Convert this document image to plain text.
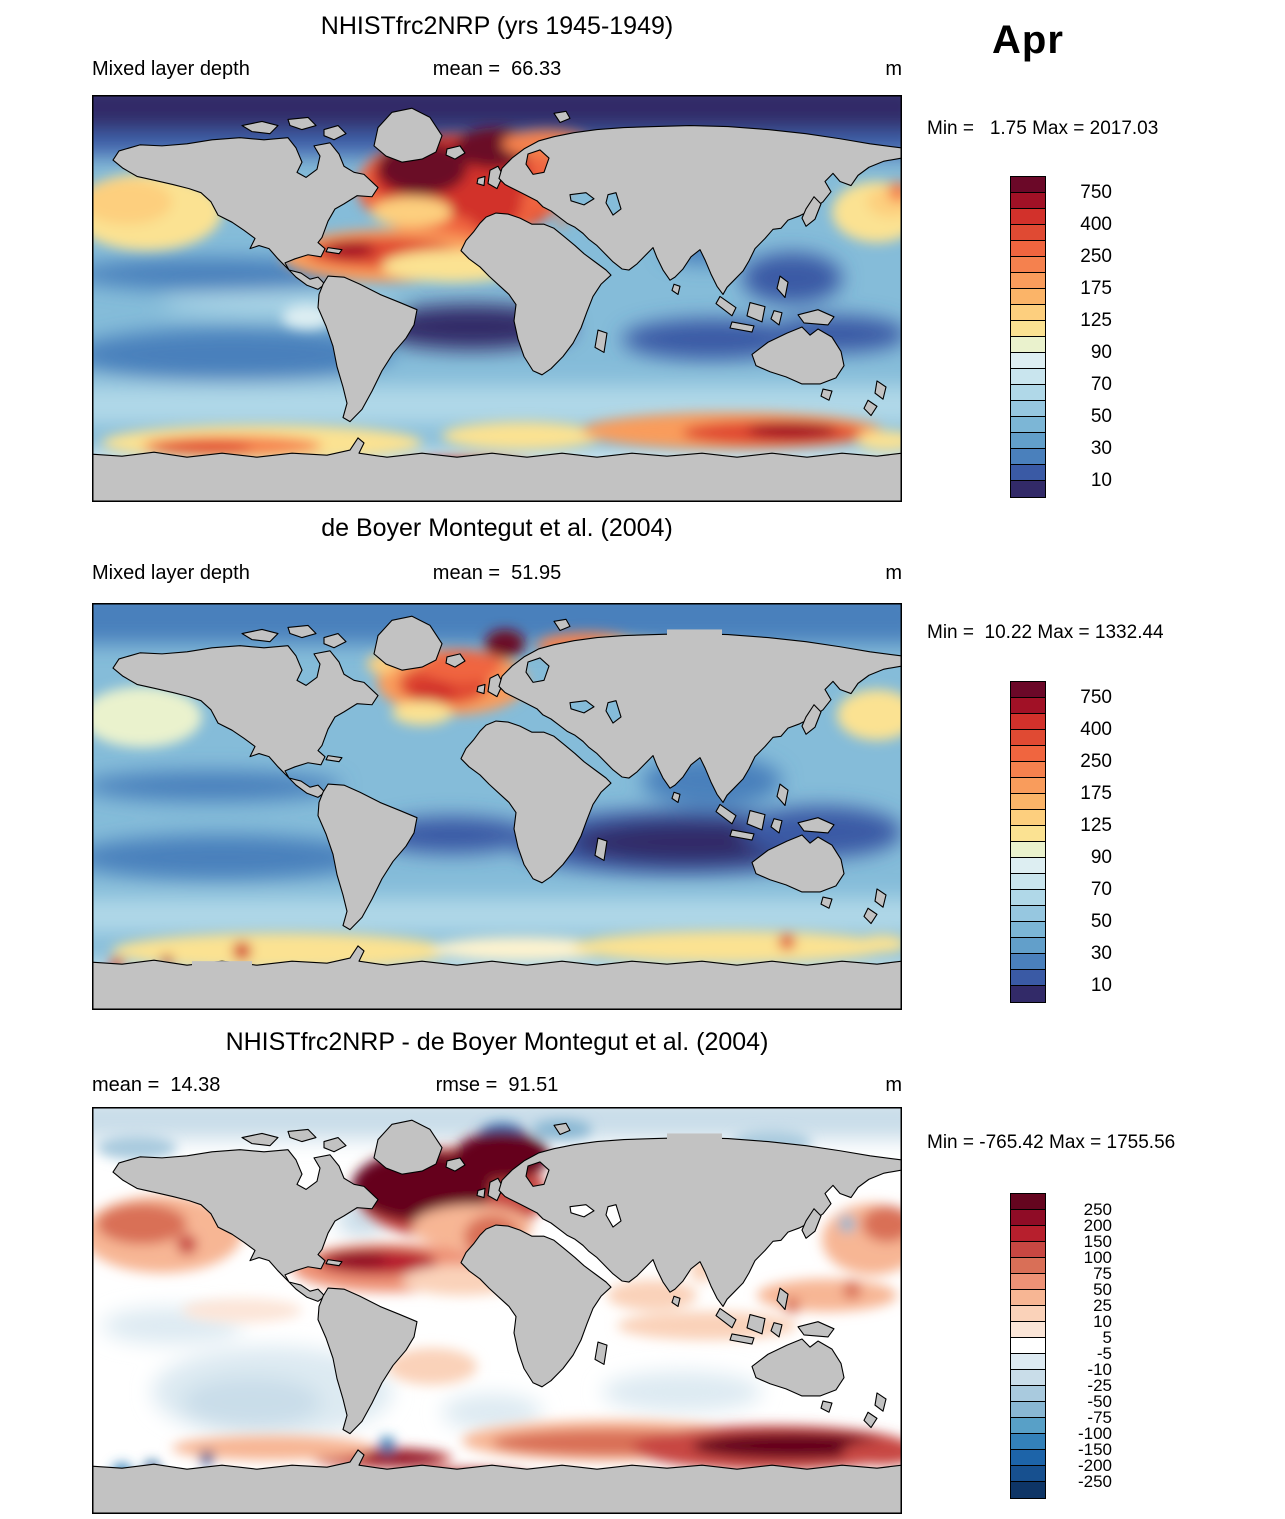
NHISTfrc2NRP (yrs 1945-1949)
Mixed layer depth	mean =  66.33	m
Apr
Min =   1.75 Max = 2017.03
750
400
250
175
125
90
70
50
30
10
de Boyer Montegut et al. (2004)
Mixed layer depth	mean =  51.95	m
Min =  10.22 Max = 1332.44
750
400
250
175
125
90
70
50
30
10
NHISTfrc2NRP - de Boyer Montegut et al. (2004)
mean =  14.38	rmse =  91.51	m
Min = -765.42 Max = 1755.56
250
200
150
100
75
50
25
10
5
-5
-10
-25
-50
-75
-100
-150
-200
-250
